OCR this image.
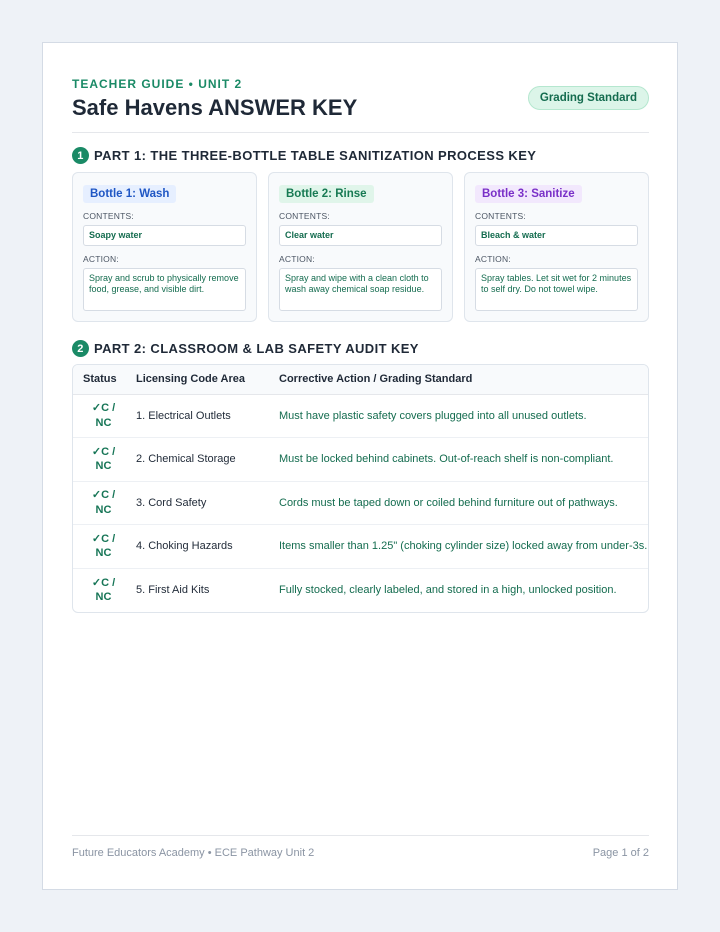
TEACHER GUIDE • UNIT 2
Safe Havens ANSWER KEY	Grading Standard
1 PART 1: THE THREE-BOTTLE TABLE SANITIZATION PROCESS KEY
Bottle 1: Wash
CONTENTS:
Soapy water
ACTION:
Spray and scrub to physically remove food, grease, and visible dirt.
Bottle 2: Rinse
CONTENTS:
Clear water
ACTION:
Spray and wipe with a clean cloth to wash away chemical soap residue.
Bottle 3: Sanitize
CONTENTS:
Bleach & water
ACTION:
Spray tables. Let sit wet for 2 minutes to self dry. Do not towel wipe.
2 PART 2: CLASSROOM & LAB SAFETY AUDIT KEY
Status	Licensing Code Area	Corrective Action / Grading Standard
✓C / NC	1. Electrical Outlets	Must have plastic safety covers plugged into all unused outlets.
✓C / NC	2. Chemical Storage	Must be locked behind cabinets. Out-of-reach shelf is non-compliant.
✓C / NC	3. Cord Safety	Cords must be taped down or coiled behind furniture out of pathways.
✓C / NC	4. Choking Hazards	Items smaller than 1.25" (choking cylinder size) locked away from under-3s.
✓C / NC	5. First Aid Kits	Fully stocked, clearly labeled, and stored in a high, unlocked position.
Future Educators Academy • ECE Pathway Unit 2	Page 1 of 2
